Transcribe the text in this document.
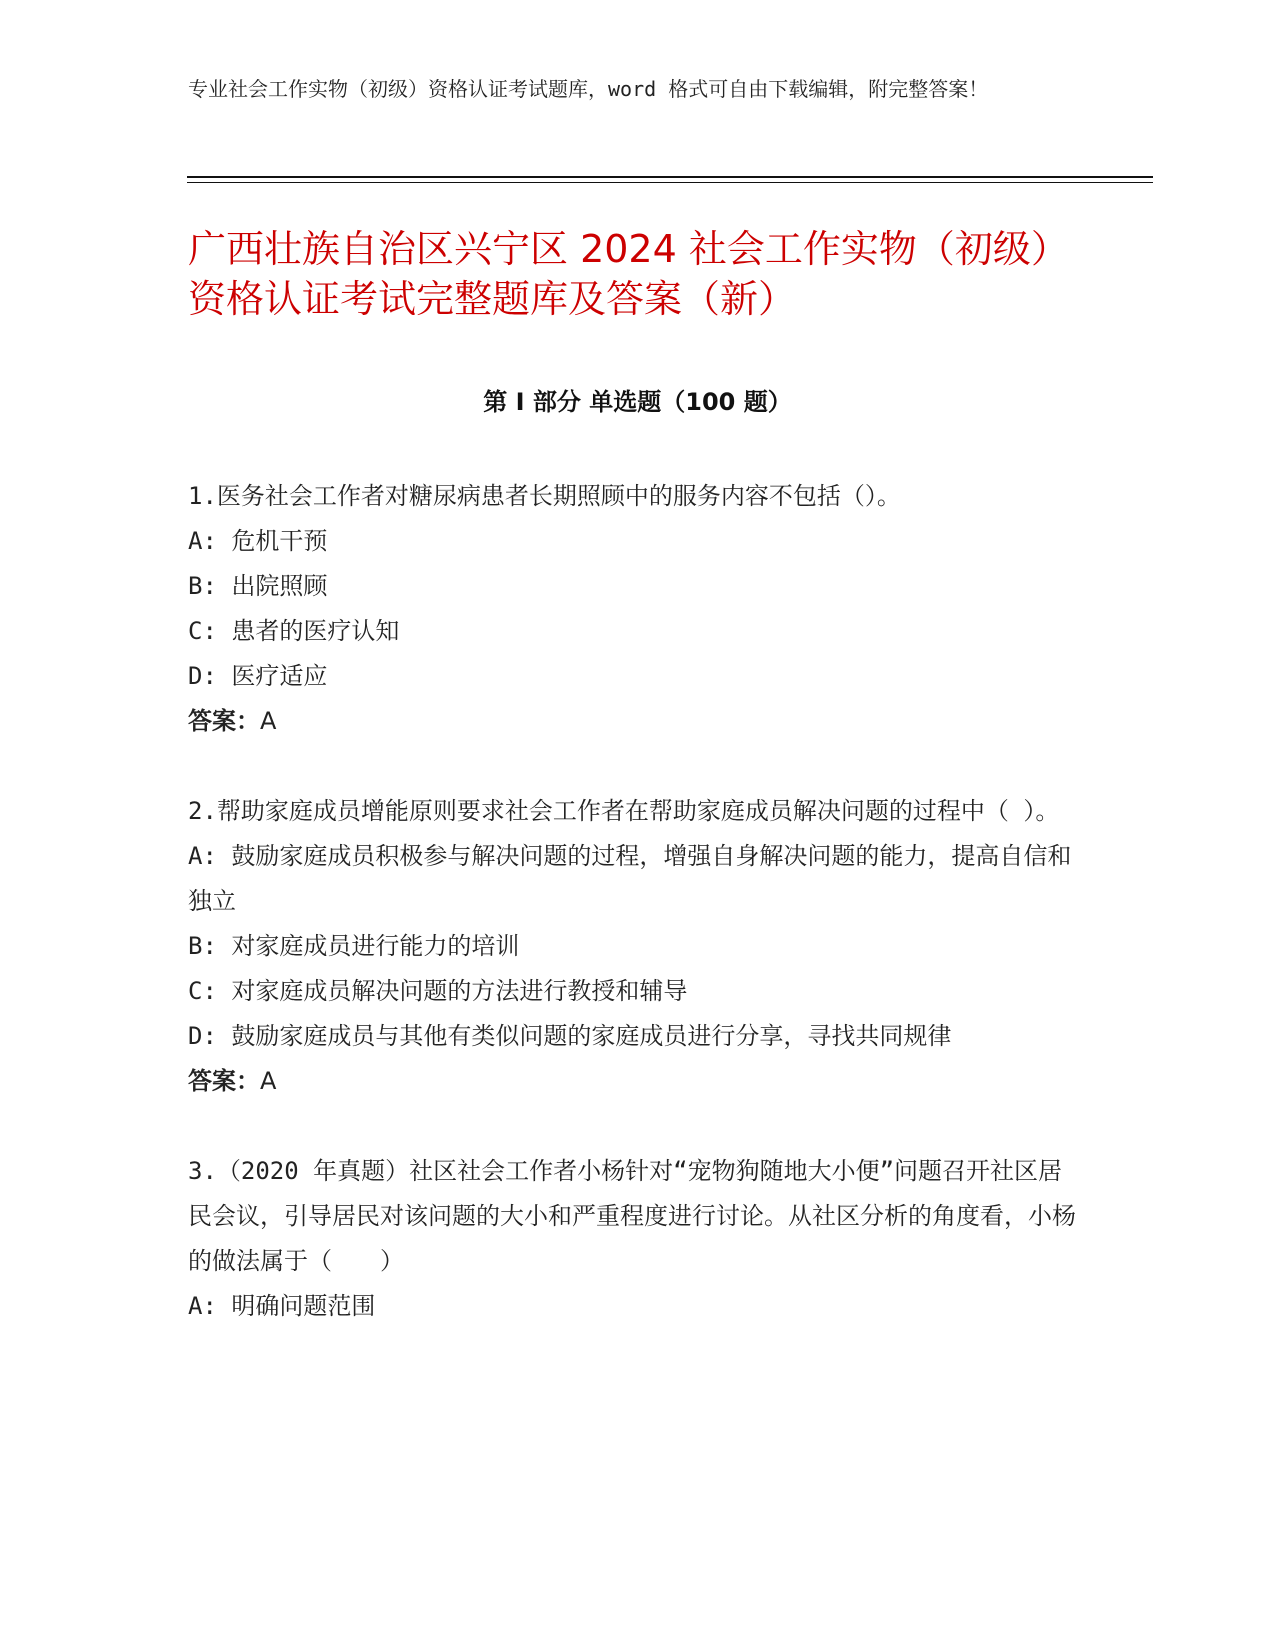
专业社会工作实物（初级）资格认证考试题库，word 格式可自由下载编辑，附完整答案！
广西壮族自治区兴宁区 2024 社会工作实物（初级）资格认证考试完整题库及答案（新）
第 I 部分 单选题（100 题）
1.医务社会工作者对糖尿病患者长期照顾中的服务内容不包括（）。
A: 危机干预
B: 出院照顾
C: 患者的医疗认知
D: 医疗适应
答案：A
2.帮助家庭成员增能原则要求社会工作者在帮助家庭成员解决问题的过程中（ ）。
A: 鼓励家庭成员积极参与解决问题的过程，增强自身解决问题的能力，提高自信和独立
B: 对家庭成员进行能力的培训
C: 对家庭成员解决问题的方法进行教授和辅导
D: 鼓励家庭成员与其他有类似问题的家庭成员进行分享，寻找共同规律
答案：A
3.（2020 年真题）社区社会工作者小杨针对“宠物狗随地大小便”问题召开社区居民会议，引导居民对该问题的大小和严重程度进行讨论。从社区分析的角度看，小杨的做法属于（　　）
A: 明确问题范围
